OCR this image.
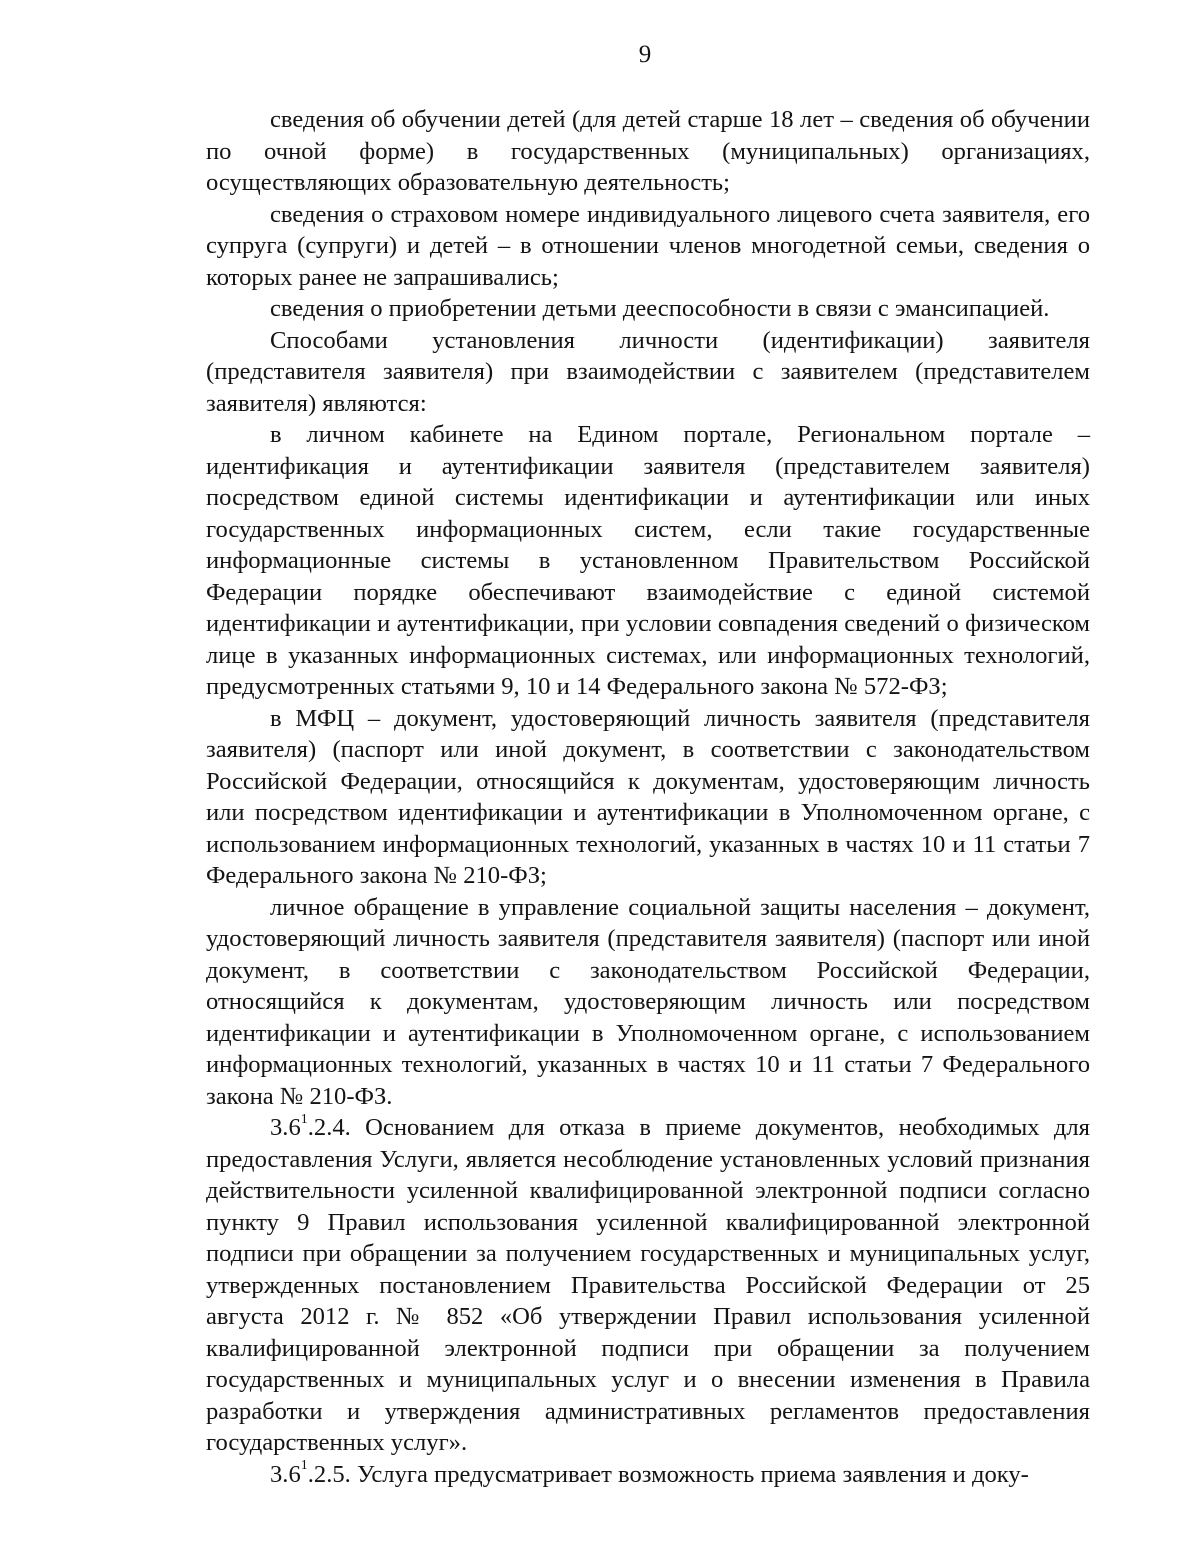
9

сведения об обучении детей (для детей старше 18 лет – сведения об обучении по очной форме) в государственных (муниципальных) организациях, осуществляющих образовательную деятельность;

сведения о страховом номере индивидуального лицевого счета заявителя, его супруга (супруги) и детей – в отношении членов многодетной семьи, сведения о которых ранее не запрашивались;

сведения о приобретении детьми дееспособности в связи с эмансипацией.

Способами установления личности (идентификации) заявителя (представителя заявителя) при взаимодействии с заявителем (представителем заявителя) являются:

в личном кабинете на Едином портале, Региональном портале – идентификация и аутентификации заявителя (представителем заявителя) посредством единой системы идентификации и аутентификации или иных государственных информационных систем, если такие государственные информационные системы в установленном Правительством Российской Федерации порядке обеспечивают взаимодействие с единой системой идентификации и аутентификации, при условии совпадения сведений о физическом лице в указанных информационных системах, или информационных технологий, предусмотренных статьями 9, 10 и 14 Федерального закона № 572-ФЗ;

в МФЦ – документ, удостоверяющий личность заявителя (представителя заявителя) (паспорт или иной документ, в соответствии с законодательством Российской Федерации, относящийся к документам, удостоверяющим личность или посредством идентификации и аутентификации в Уполномоченном органе, с использованием информационных технологий, указанных в частях 10 и 11 статьи 7 Федерального закона № 210-ФЗ;

личное обращение в управление социальной защиты населения – документ, удостоверяющий личность заявителя (представителя заявителя) (паспорт или иной документ, в соответствии с законодательством Российской Федерации, относящийся к документам, удостоверяющим личность или посредством идентификации и аутентификации в Уполномоченном органе, с использованием информационных технологий, указанных в частях 10 и 11 статьи 7 Федерального закона № 210-ФЗ.

$3.6^1.2.4$. Основанием для отказа в приеме документов, необходимых для предоставления Услуги, является несоблюдение установленных условий признания действительности усиленной квалифицированной электронной подписи согласно пункту 9 Правил использования усиленной квалифицированной электронной подписи при обращении за получением государственных и муниципальных услуг, утвержденных постановлением Правительства Российской Федерации от 25 августа 2012 г. № 852 «Об утверждении Правил использования усиленной квалифицированной электронной подписи при обращении за получением государственных и муниципальных услуг и о внесении изменения в Правила разработки и утверждения административных регламентов предоставления государственных услуг».

$3.6^1.2.5$. Услуга предусматривает возможность приема заявления и доку-
